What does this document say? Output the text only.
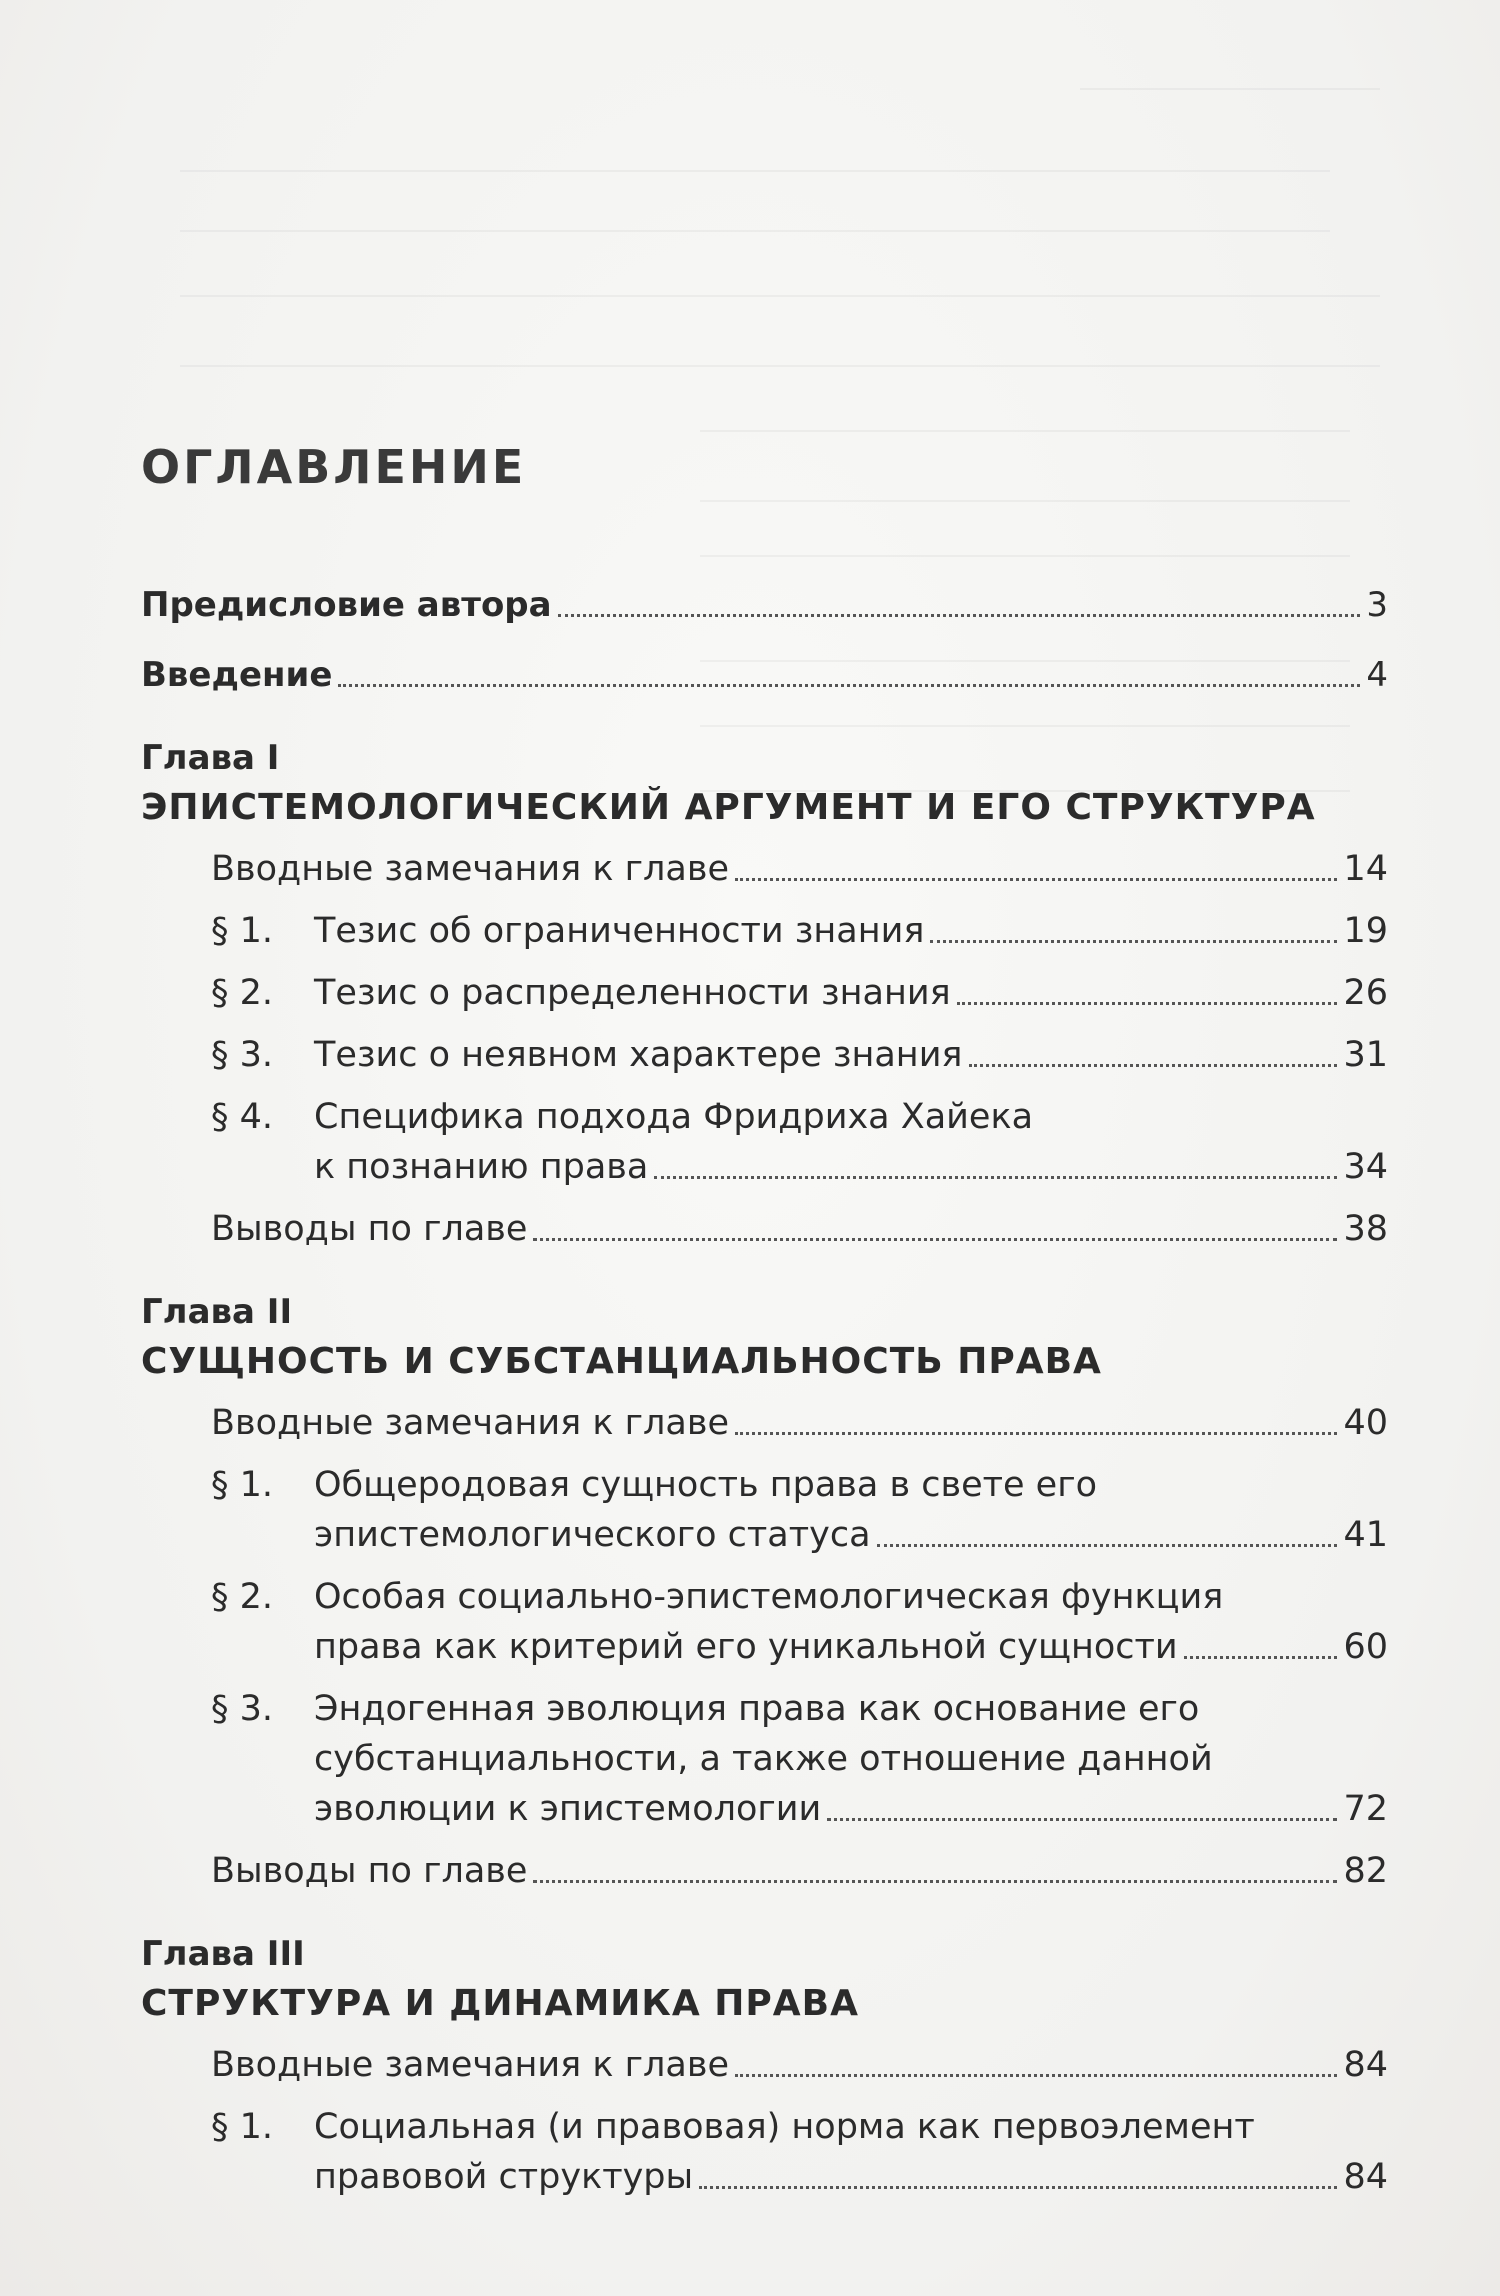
ОГЛАВЛЕНИЕ
Предисловие автора	3
Введение	4
Глава I
ЭПИСТЕМОЛОГИЧЕСКИЙ АРГУМЕНТ И ЕГО СТРУКТУРА
Вводные замечания к главе	14
§ 1.	Тезис об ограниченности знания	19
§ 2.	Тезис о распределенности знания	26
§ 3.	Тезис о неявном характере знания	31
§ 4.	Специфика подхода Фридриха Хайека
к познанию права	34
Выводы по главе	38
Глава II
СУЩНОСТЬ И СУБСТАНЦИАЛЬНОСТЬ ПРАВА
Вводные замечания к главе	40
§ 1.	Общеродовая сущность права в свете его
эпистемологического статуса	41
§ 2.	Особая социально-эпистемологическая функция
права как критерий его уникальной сущности	60
§ 3.	Эндогенная эволюция права как основание его
субстанциальности, а также отношение данной
эволюции к эпистемологии	72
Выводы по главе	82
Глава III
СТРУКТУРА И ДИНАМИКА ПРАВА
Вводные замечания к главе	84
§ 1.	Социальная (и правовая) норма как первоэлемент
правовой структуры	84
